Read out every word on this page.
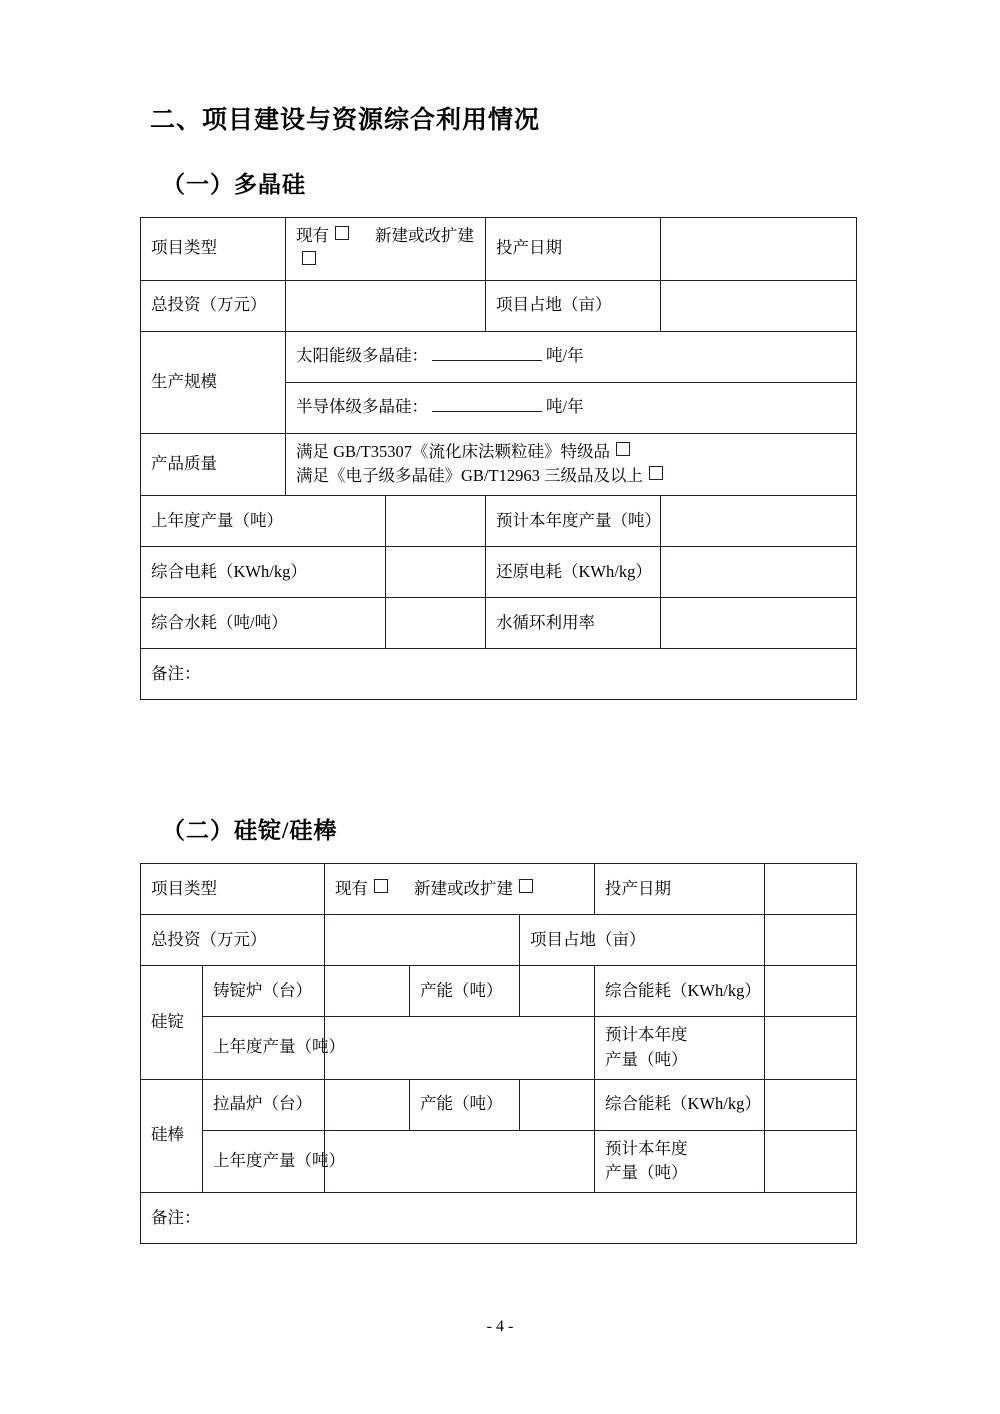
二、项目建设与资源综合利用情况
（一）多晶硅
项目类型	现有 新建或改扩建		投产日期	
总投资（万元）			项目占地（亩）	
生产规模	太阳能级多晶硅： 吨/年			
	半导体级多晶硅： 吨/年			
产品质量	满足 GB/T35307《流化床法颗粒硅》特级品
满足《电子级多晶硅》GB/T12963 三级品及以上			

上年度产量（吨）			预计本年度产量（吨）	
综合电耗（KWh/kg）			还原电耗（KWh/kg）	
综合水耗（吨/吨）			水循环利用率	
备注：				
（二）硅锭/硅棒
项目类型		现有 新建或改扩建			投产日期	
总投资（万元）				项目占地（亩）		
硅锭	铸锭炉（台）		产能（吨）		综合能耗（KWh/kg）	
	上年度产量（吨）				预计本年度
产量（吨）	

硅棒	拉晶炉（台）		产能（吨）		综合能耗（KWh/kg）	
	上年度产量（吨）				预计本年度
产量（吨）	

备注：						
- 4 -
